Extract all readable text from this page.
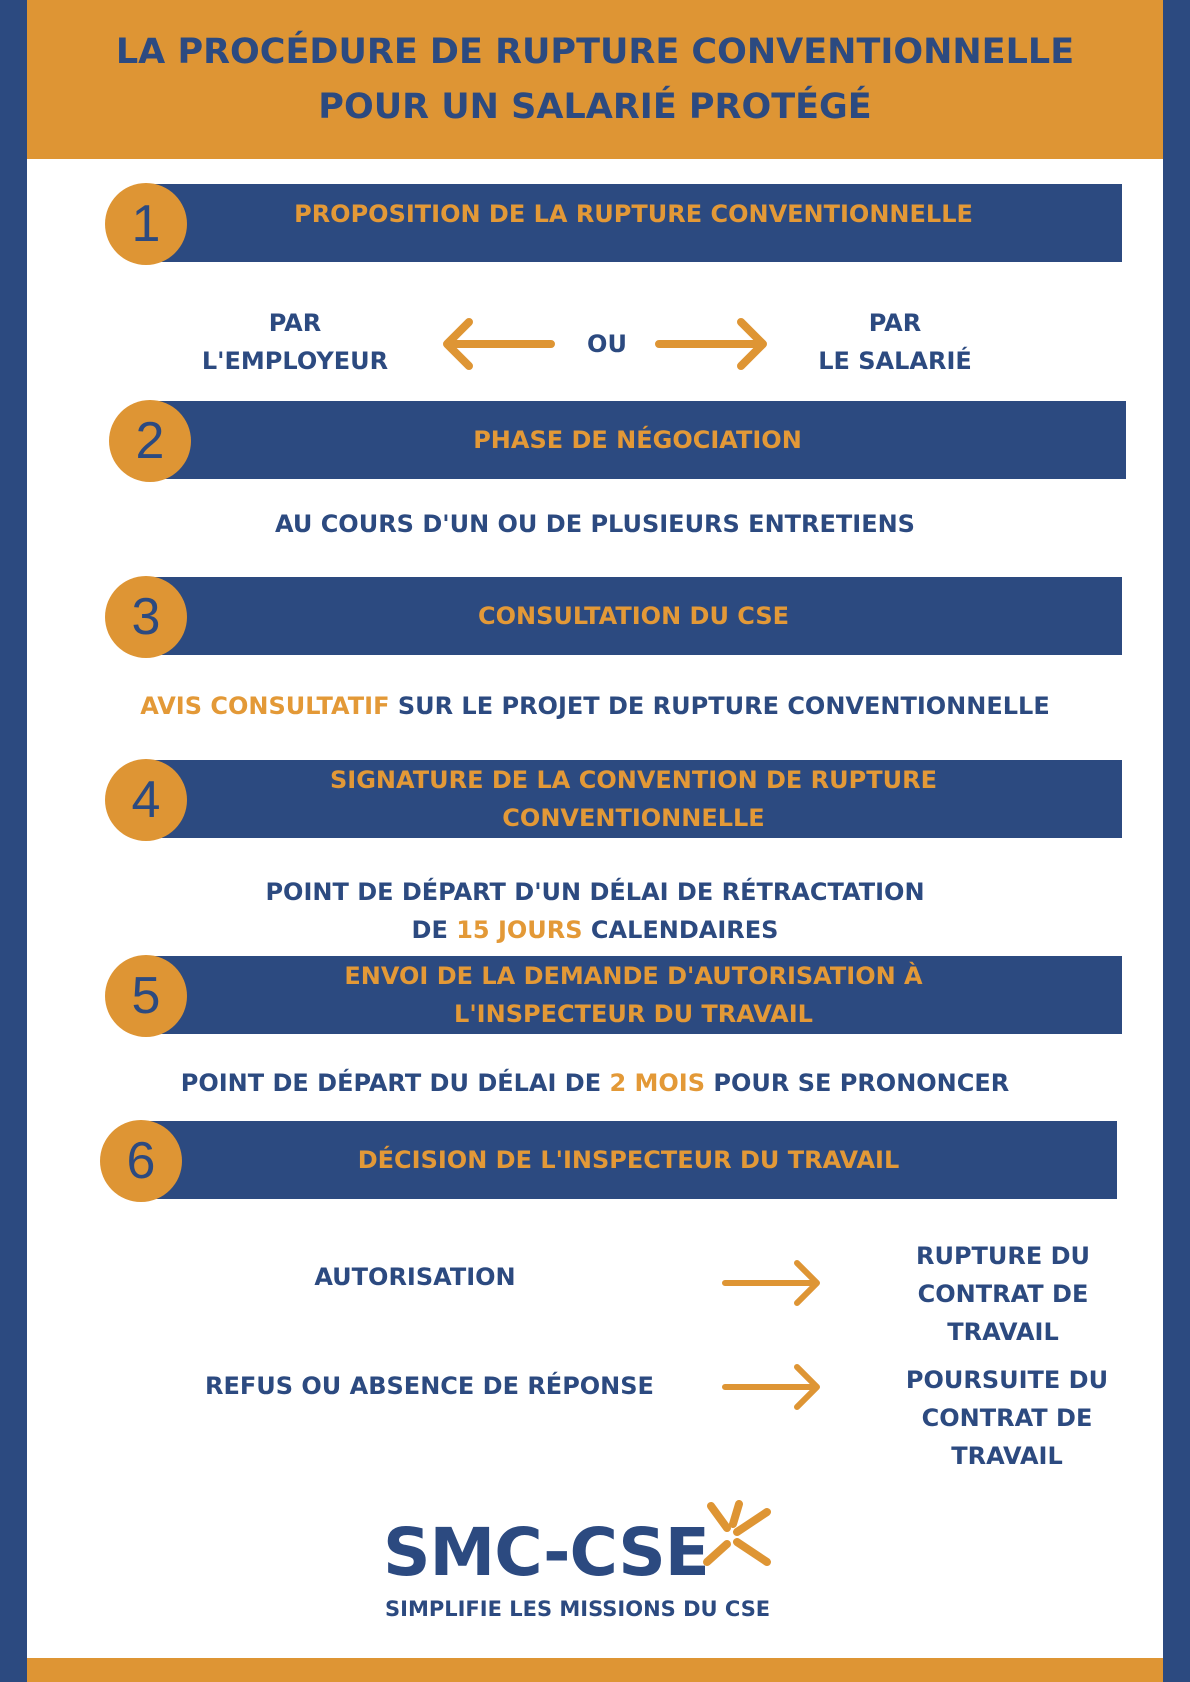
LA PROCÉDURE DE RUPTURE CONVENTIONNELLE
POUR UN SALARIÉ PROTÉGÉ
PROPOSITION DE LA RUPTURE CONVENTIONNELLE
1
PAR
L'EMPLOYEUR
OU
PAR
LE SALARIÉ
PHASE DE NÉGOCIATION
2
AU COURS D'UN OU DE PLUSIEURS ENTRETIENS
CONSULTATION DU CSE
3
AVIS CONSULTATIF SUR LE PROJET DE RUPTURE CONVENTIONNELLE
SIGNATURE DE LA CONVENTION DE RUPTURE
CONVENTIONNELLE
4
POINT DE DÉPART D'UN DÉLAI DE RÉTRACTATION
DE 15 JOURS CALENDAIRES
ENVOI DE LA DEMANDE D'AUTORISATION À
L'INSPECTEUR DU TRAVAIL
5
POINT DE DÉPART DU DÉLAI DE 2 MOIS POUR SE PRONONCER
DÉCISION DE L'INSPECTEUR DU TRAVAIL
6
AUTORISATION
RUPTURE DU
CONTRAT DE
TRAVAIL
REFUS OU ABSENCE DE RÉPONSE	POURSUITE DU
CONTRAT DE
TRAVAIL
SMC-CSE
SIMPLIFIE LES MISSIONS DU CSE
